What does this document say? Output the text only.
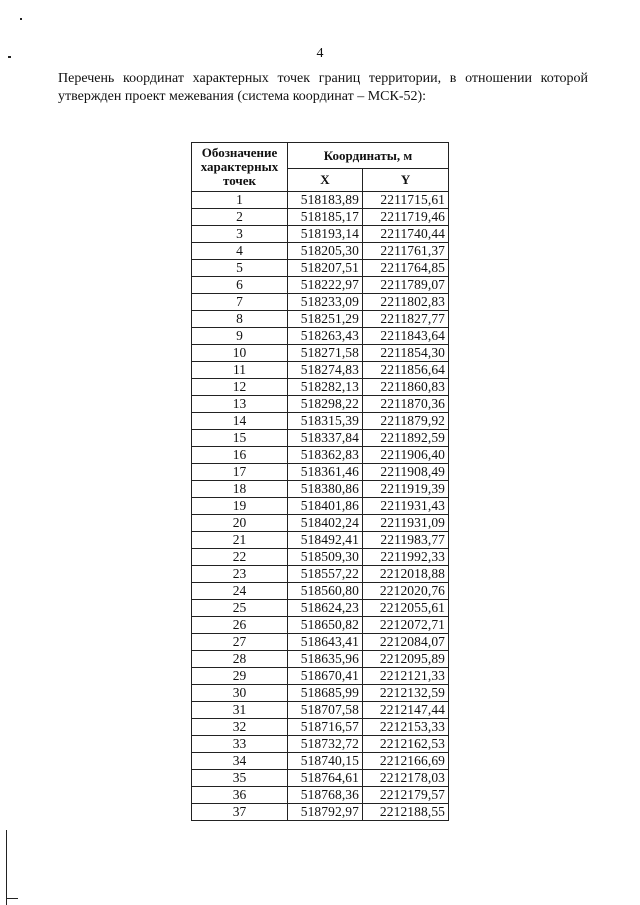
4
Перечень координат характерных точек границ территории, в отношении которой
утвержден проект межевания (система координат – МСК-52):
Обозначение характерных точек	Координаты, м	
	X	Y
1	518183,89	2211715,61
2	518185,17	2211719,46
3	518193,14	2211740,44
4	518205,30	2211761,37
5	518207,51	2211764,85
6	518222,97	2211789,07
7	518233,09	2211802,83
8	518251,29	2211827,77
9	518263,43	2211843,64
10	518271,58	2211854,30
11	518274,83	2211856,64
12	518282,13	2211860,83
13	518298,22	2211870,36
14	518315,39	2211879,92
15	518337,84	2211892,59
16	518362,83	2211906,40
17	518361,46	2211908,49
18	518380,86	2211919,39
19	518401,86	2211931,43
20	518402,24	2211931,09
21	518492,41	2211983,77
22	518509,30	2211992,33
23	518557,22	2212018,88
24	518560,80	2212020,76
25	518624,23	2212055,61
26	518650,82	2212072,71
27	518643,41	2212084,07
28	518635,96	2212095,89
29	518670,41	2212121,33
30	518685,99	2212132,59
31	518707,58	2212147,44
32	518716,57	2212153,33
33	518732,72	2212162,53
34	518740,15	2212166,69
35	518764,61	2212178,03
36	518768,36	2212179,57
37	518792,97	2212188,55
